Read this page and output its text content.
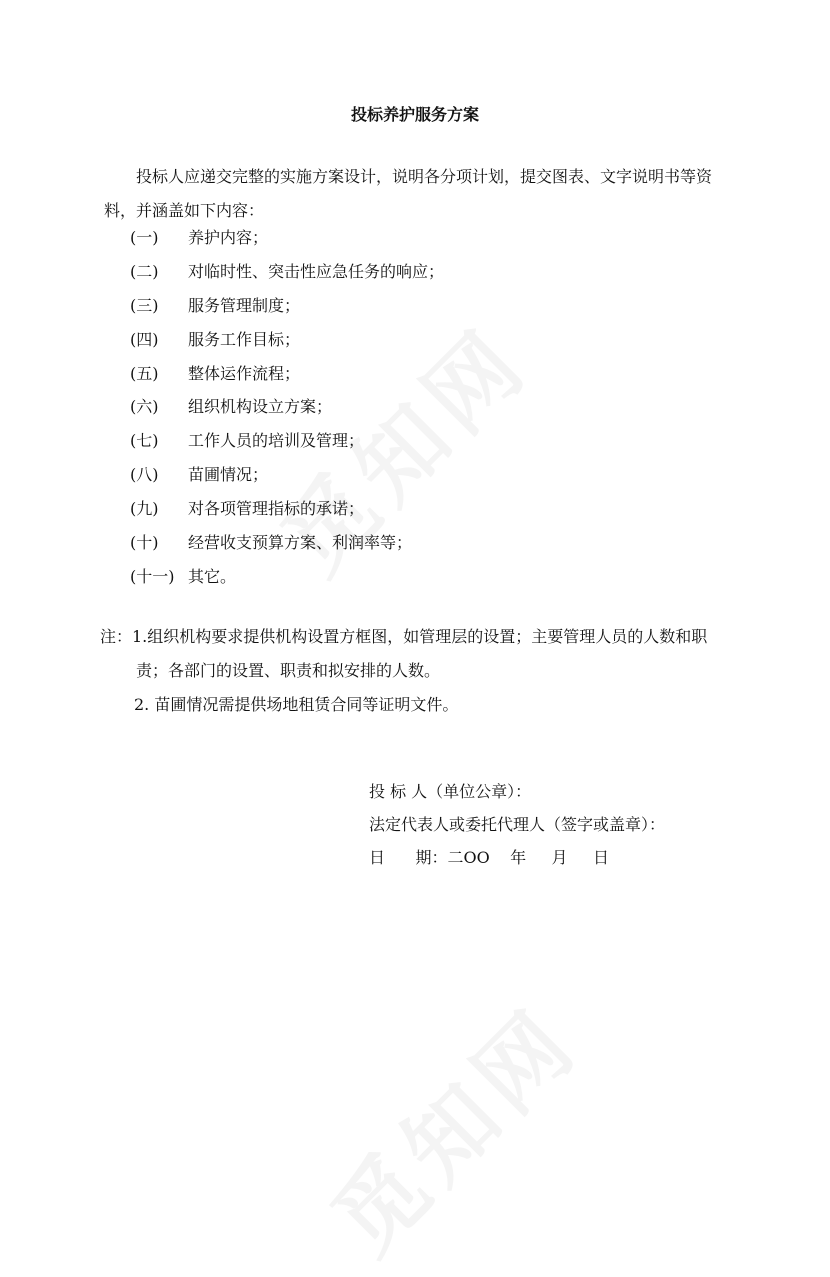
投标养护服务方案

投标人应递交完整的实施方案设计，说明各分项计划，提交图表、文字说明书等资

料，并涵盖如下内容：
(一) 养护内容；
(二) 对临时性、突击性应急任务的响应；
(三) 服务管理制度；
(四) 服务工作目标；
(五) 整体运作流程；
(六) 组织机构设立方案；
(七) 工作人员的培训及管理；
(八) 苗圃情况；
(九) 对各项管理指标的承诺；
(十) 经营收支预算方案、利润率等；
(十一) 其它。
注：1.组织机构要求提供机构设置方框图，如管理层的设置；主要管理人员的人数和职
责；各部门的设置、职责和拟安排的人数。
2. 苗圃情况需提供场地租赁合同等证明文件。
投 标 人（单位公章）：
法定代表人或委托代理人（签字或盖章）：
日      期：二OO    年     月     日
